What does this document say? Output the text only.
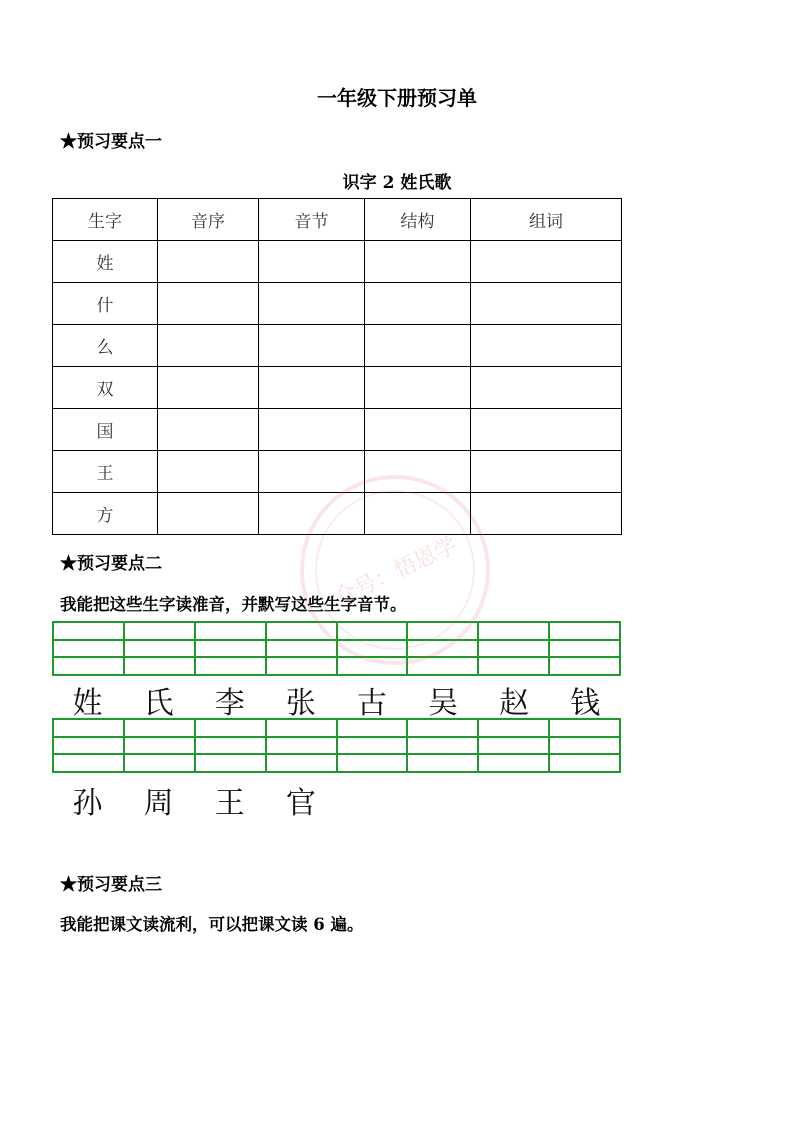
一年级下册预习单
★预习要点一
识字 2 姓氏歌
生字	音序	音节	结构	组词
姓				
什				
么				
双				
国				
王				
方				
★预习要点二
我能把这些生字读准音，并默写这些生字音节。
姓	氏	李	张	古	吴	赵	钱
孙	周	王	官
★预习要点三
我能把课文读流利，可以把课文读 6 遍。
众号：悟恩学
